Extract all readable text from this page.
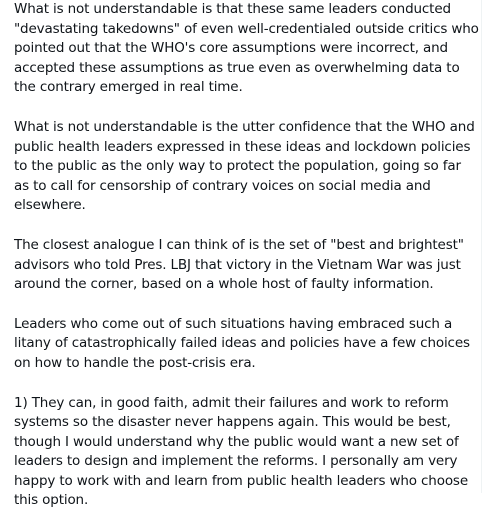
What is not understandable is that these same leaders conducted "devastating takedowns" of even well-credentialed outside critics who pointed out that the WHO's core assumptions were incorrect, and accepted these assumptions as true even as overwhelming data to the contrary emerged in real time.

What is not understandable is the utter confidence that the WHO and public health leaders expressed in these ideas and lockdown policies to the public as the only way to protect the population, going so far as to call for censorship of contrary voices on social media and elsewhere.

The closest analogue I can think of is the set of "best and brightest" advisors who told Pres. LBJ that victory in the Vietnam War was just around the corner, based on a whole host of faulty information.

Leaders who come out of such situations having embraced such a litany of catastrophically failed ideas and policies have a few choices on how to handle the post-crisis era.

1) They can, in good faith, admit their failures and work to reform systems so the disaster never happens again. This would be best, though I would understand why the public would want a new set of leaders to design and implement the reforms. I personally am very happy to work with and learn from public health leaders who choose this option.
